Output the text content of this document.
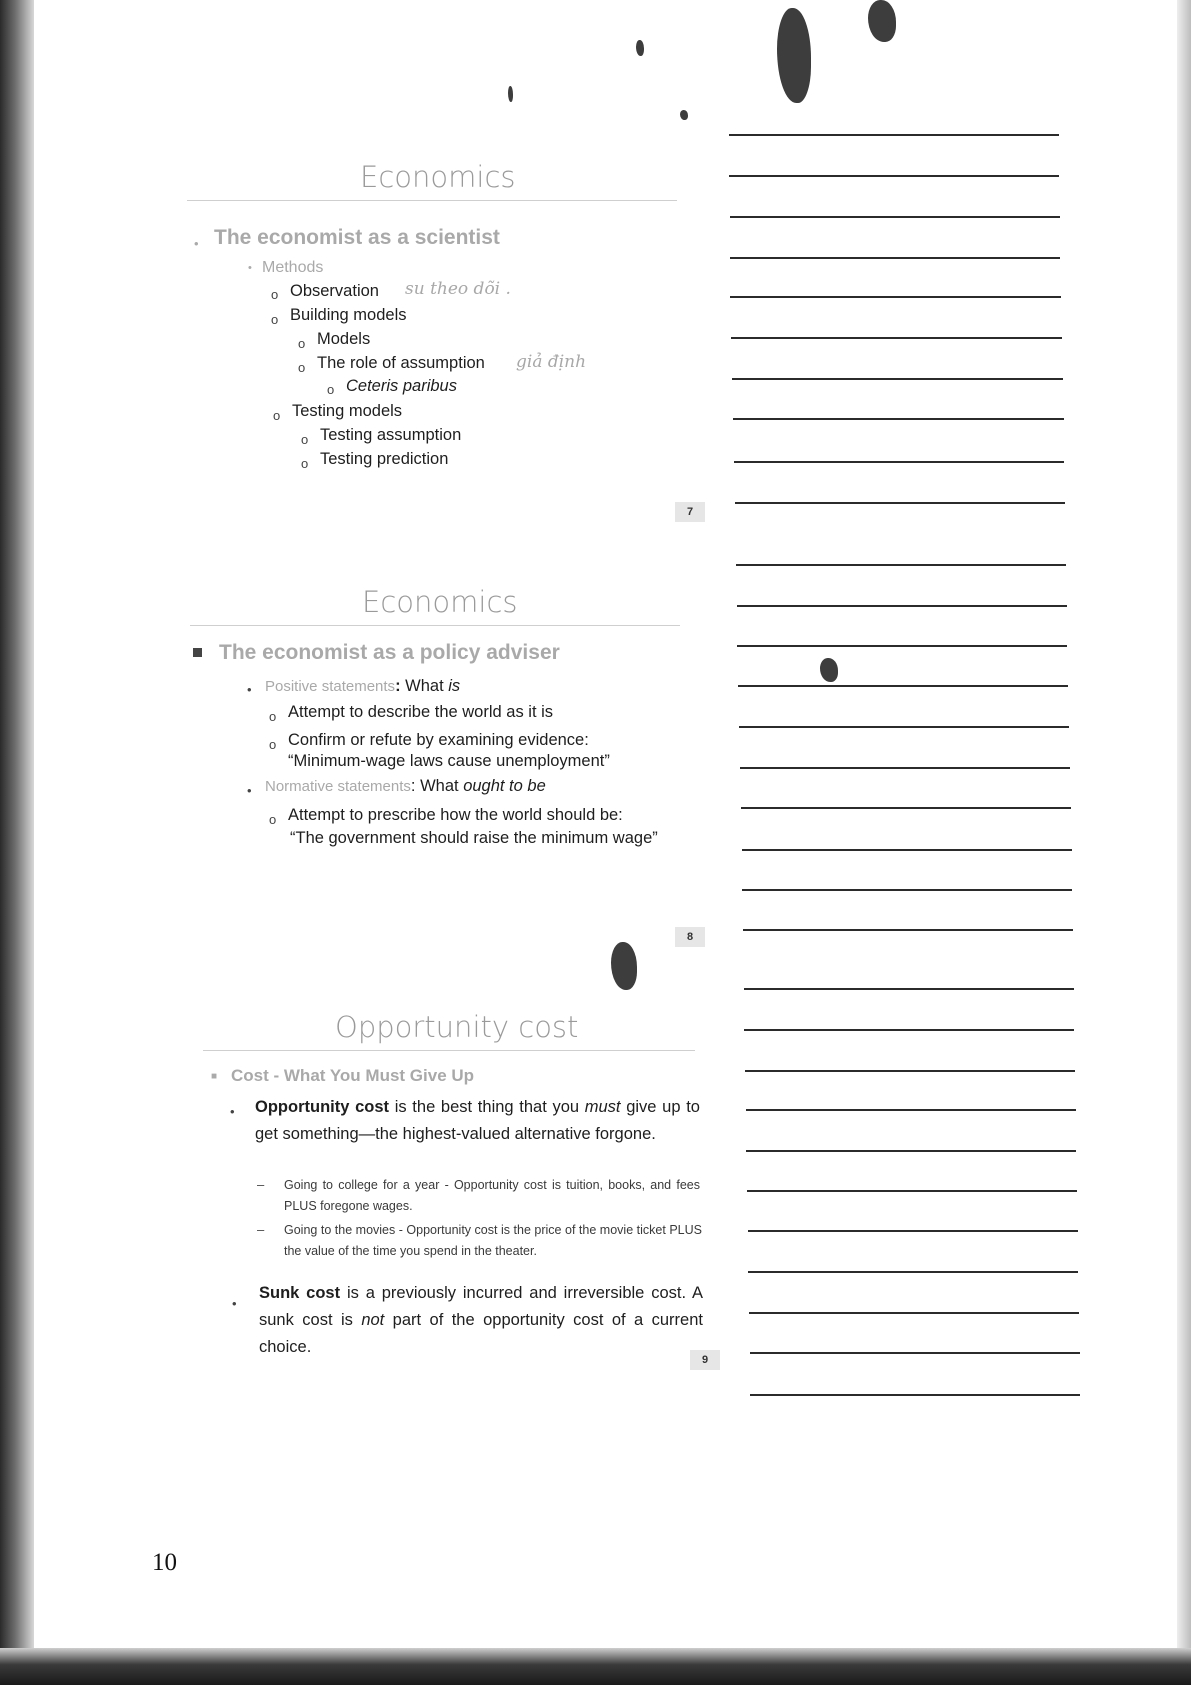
Economics
• The economist as a scientist
• Methods
o Observation su theo dõi .
o Building models
o Models
o The role of assumption giả định
o Ceteris paribus
o Testing models
o Testing assumption
o Testing prediction
7
Economics
The economist as a policy adviser
• Positive statements: What is
o Attempt to describe the world as it is
o Confirm or refute by examining evidence:
“Minimum-wage laws cause unemployment”
• Normative statements: What ought to be
o Attempt to prescribe how the world should be:
“The government should raise the minimum wage”
8
Opportunity cost
■ Cost - What You Must Give Up
• Opportunity cost is the best thing that you must give up to get something—the highest-valued alternative forgone.
– Going to college for a year - Opportunity cost is tuition, books, and fees PLUS foregone wages.
– Going to the movies - Opportunity cost is the price of the movie ticket PLUS the value of the time you spend in the theater.
•
Sunk cost is a previously incurred and irreversible cost. A sunk cost is not part of the opportunity cost of a current choice.
9
10
